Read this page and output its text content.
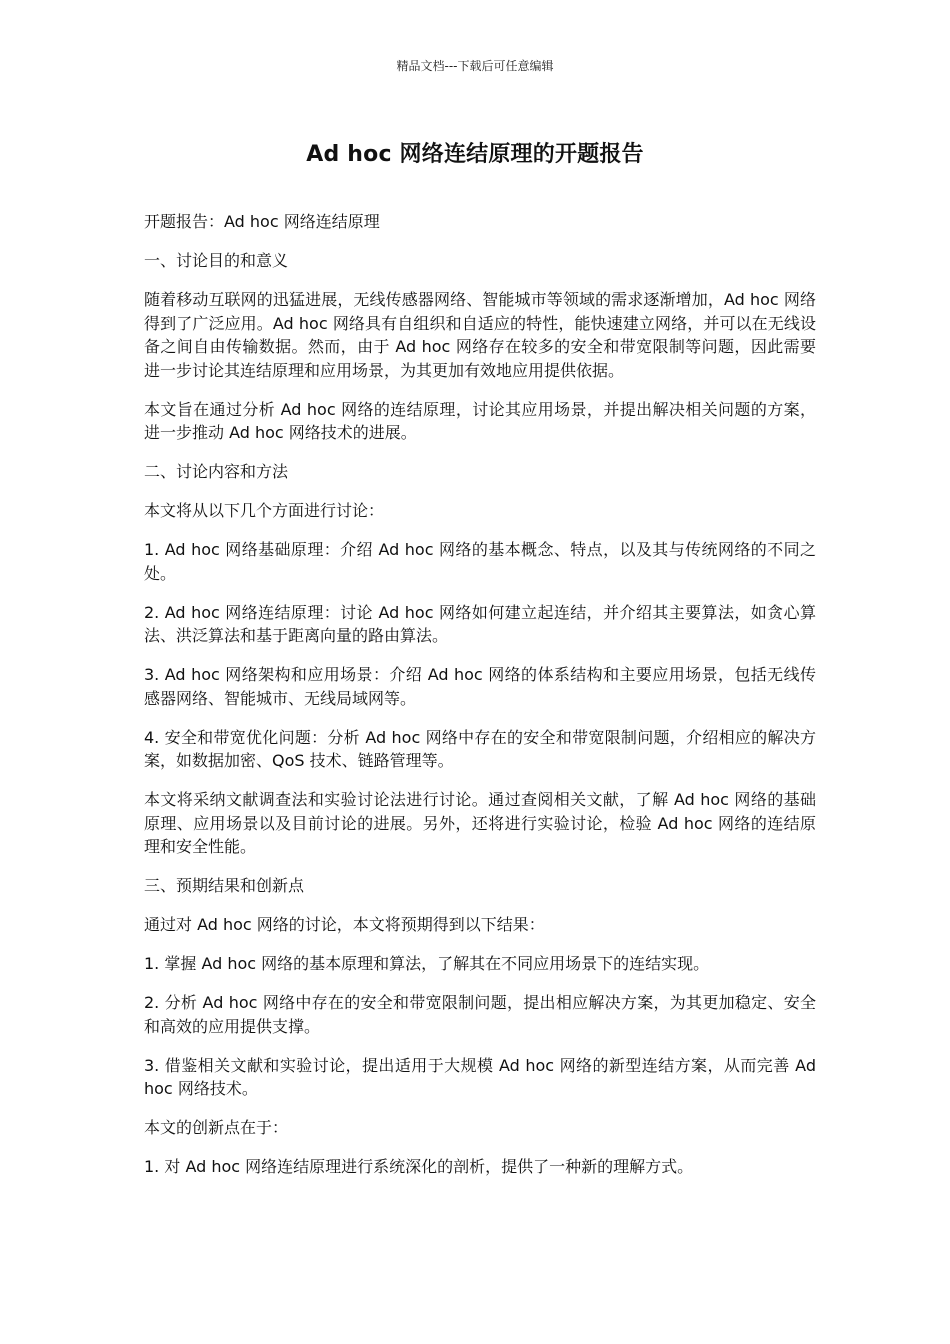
精品文档---下载后可任意编辑
Ad hoc 网络连结原理的开题报告

开题报告：Ad hoc 网络连结原理

一、讨论目的和意义

随着移动互联网的迅猛进展，无线传感器网络、智能城市等领域的需求逐渐增加，Ad hoc 网络得到了广泛应用。Ad hoc 网络具有自组织和自适应的特性，能快速建立网络，并可以在无线设备之间自由传输数据。然而，由于 Ad hoc 网络存在较多的安全和带宽限制等问题，因此需要进一步讨论其连结原理和应用场景，为其更加有效地应用提供依据。

本文旨在通过分析 Ad hoc 网络的连结原理，讨论其应用场景，并提出解决相关问题的方案，进一步推动 Ad hoc 网络技术的进展。

二、讨论内容和方法

本文将从以下几个方面进行讨论：

1. Ad hoc 网络基础原理：介绍 Ad hoc 网络的基本概念、特点，以及其与传统网络的不同之处。

2. Ad hoc 网络连结原理：讨论 Ad hoc 网络如何建立起连结，并介绍其主要算法，如贪心算法、洪泛算法和基于距离向量的路由算法。

3. Ad hoc 网络架构和应用场景：介绍 Ad hoc 网络的体系结构和主要应用场景，包括无线传感器网络、智能城市、无线局域网等。

4. 安全和带宽优化问题：分析 Ad hoc 网络中存在的安全和带宽限制问题，介绍相应的解决方案，如数据加密、QoS 技术、链路管理等。

本文将采纳文献调查法和实验讨论法进行讨论。通过查阅相关文献，了解 Ad hoc 网络的基础原理、应用场景以及目前讨论的进展。另外，还将进行实验讨论，检验 Ad hoc 网络的连结原理和安全性能。

三、预期结果和创新点

通过对 Ad hoc 网络的讨论，本文将预期得到以下结果：

1. 掌握 Ad hoc 网络的基本原理和算法，了解其在不同应用场景下的连结实现。

2. 分析 Ad hoc 网络中存在的安全和带宽限制问题，提出相应解决方案，为其更加稳定、安全和高效的应用提供支撑。

3. 借鉴相关文献和实验讨论，提出适用于大规模 Ad hoc 网络的新型连结方案，从而完善 Ad hoc 网络技术。

本文的创新点在于：

1. 对 Ad hoc 网络连结原理进行系统深化的剖析，提供了一种新的理解方式。
